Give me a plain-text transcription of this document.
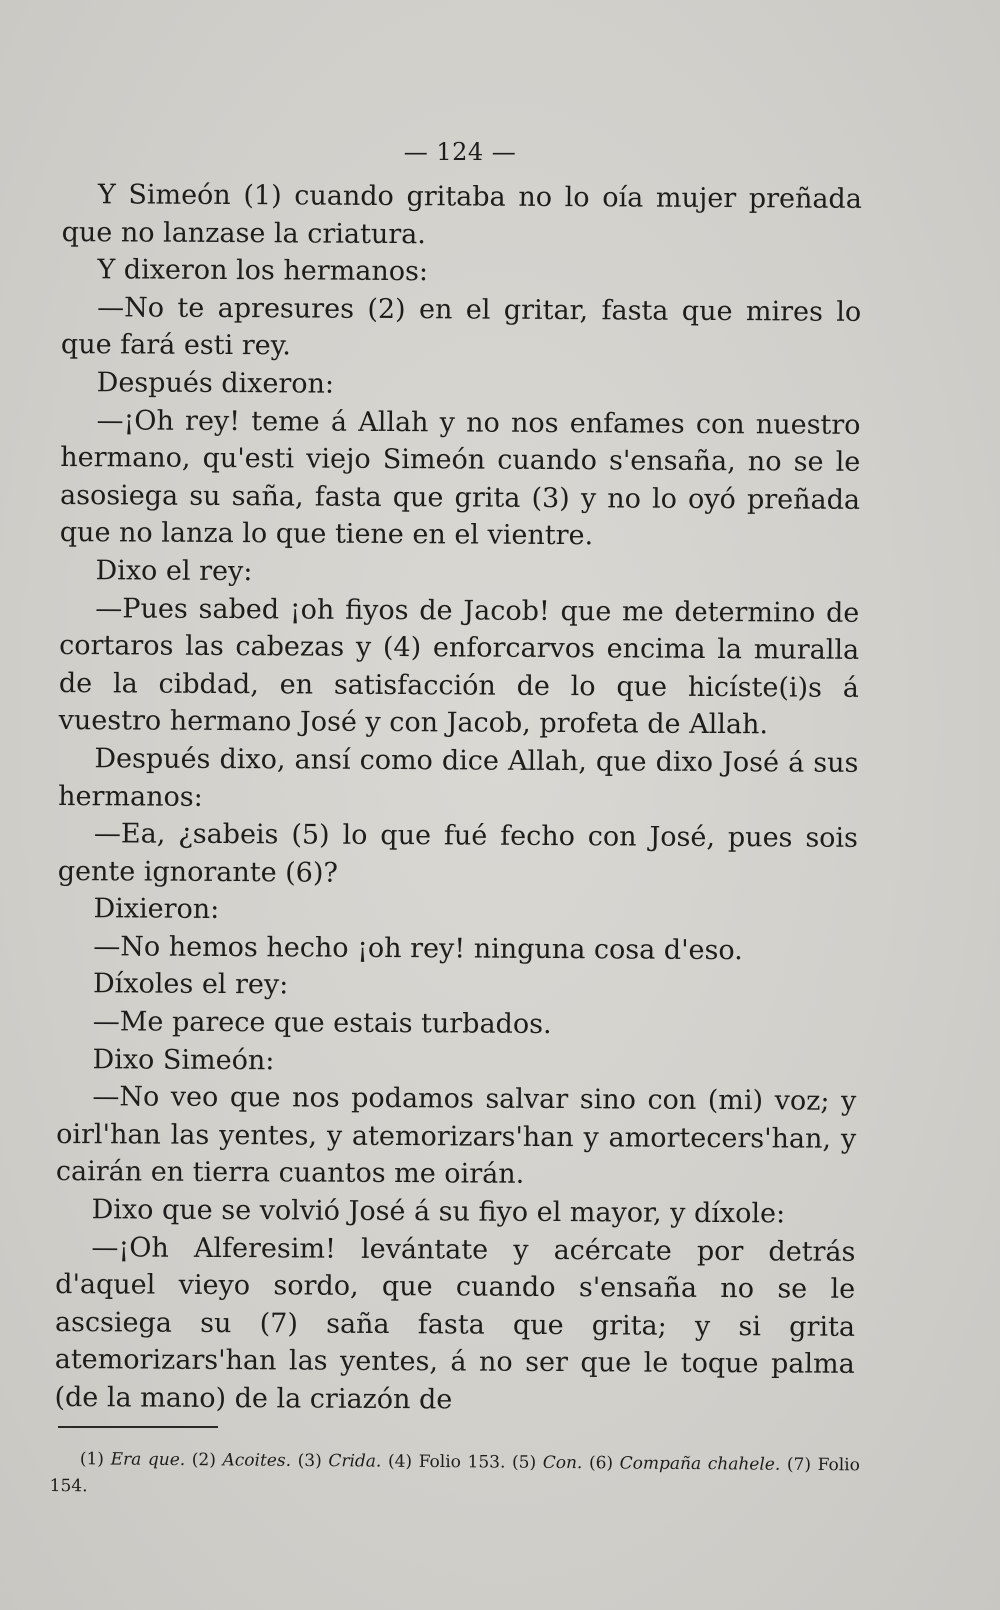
— 124 —

Y Simeón (1) cuando gritaba no lo oía mujer preñada que no lanzase la criatura.

Y dixeron los hermanos:

—No te apresures (2) en el gritar, fasta que mires lo que fará esti rey.

Después dixeron:

—¡Oh rey! teme á Allah y no nos enfames con nuestro hermano, qu'esti viejo Simeón cuando s'ensaña, no se le asosiega su saña, fasta que grita (3) y no lo oyó preñada que no lanza lo que tiene en el vientre.

Dixo el rey:

—Pues sabed ¡oh fiyos de Jacob! que me determino de cortaros las cabezas y (4) enforcarvos encima la muralla de la cibdad, en satisfacción de lo que hicíste(i)s á vuestro hermano José y con Jacob, profeta de Allah.

Después dixo, ansí como dice Allah, que dixo José á sus hermanos:

—Ea, ¿sabeis (5) lo que fué fecho con José, pues sois gente ignorante (6)?

Dixieron:

—No hemos hecho ¡oh rey! ninguna cosa d'eso.

Díxoles el rey:

—Me parece que estais turbados.

Dixo Simeón:

—No veo que nos podamos salvar sino con (mi) voz; y oirl'han las yentes, y atemorizars'han y amortecers'han, y cairán en tierra cuantos me oirán.

Dixo que se volvió José á su fiyo el mayor, y díxole:

—¡Oh Alferesim! levántate y acércate por detrás d'aquel vieyo sordo, que cuando s'ensaña no se le ascsiega su (7) saña fasta que grita; y si grita atemorizars'han las yentes, á no ser que le toque palma (de la mano) de la criazón de

(1) Era que. (2) Acoites. (3) Crida. (4) Folio 153. (5) Con. (6) Compaña chahele. (7) Folio 154.
